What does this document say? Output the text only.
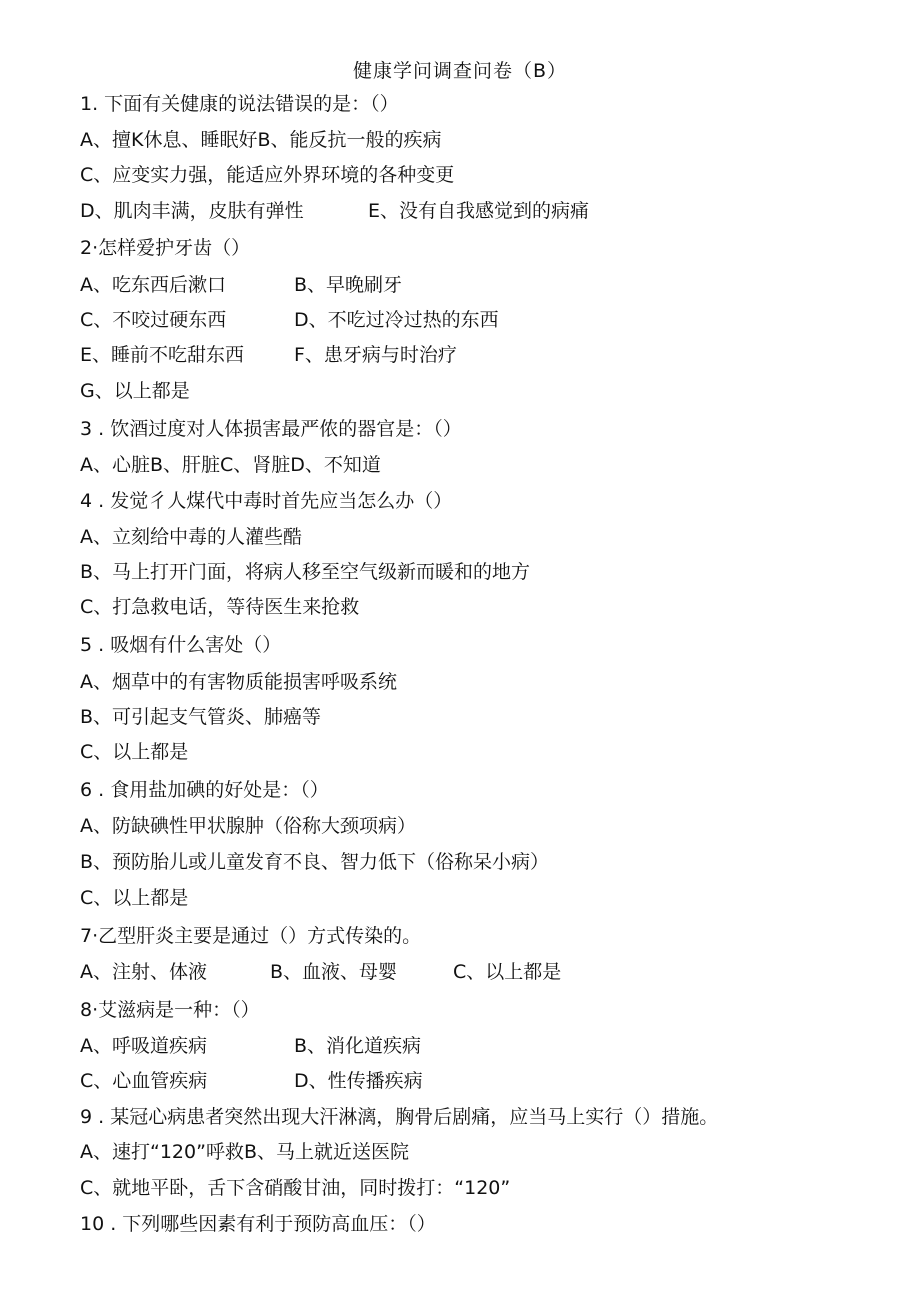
健康学问调查问卷（B）
1. 下面有关健康的说法错误的是：（）
A、擅K休息、睡眠好B、能反抗一般的疾病
C、应变实力强，能适应外界环境的各种变更
D、肌肉丰满，皮肤有弹性	E、没有自我感觉到的病痛
2·怎样爱护牙齿（）
A、吃东西后漱口	B、早晚刷牙
C、不咬过硬东西	D、不吃过冷过热的东西
E、睡前不吃甜东西	F、患牙病与时治疗
G、以上都是
3 . 饮酒过度对人体损害最严侬的器官是：（）
A、心脏B、肝脏C、肾脏D、不知道
4 . 发觉彳人煤代中毒时首先应当怎么办（）
A、立刻给中毒的人灌些酷
B、马上打开门面，将病人移至空气级新而暖和的地方
C、打急救电话，等待医生来抢救
5 . 吸烟有什么害处（）
A、烟草中的有害物质能损害呼吸系统
B、可引起支气管炎、肺癌等
C、以上都是
6 . 食用盐加碘的好处是：（）
A、防缺碘性甲状腺肿（俗称大颈项病）
B、预防胎儿或儿童发育不良、智力低下（俗称呆小病）
C、以上都是
7·乙型肝炎主要是通过（）方式传染的。
A、注射、体液	B、血液、母婴	C、以上都是
8·艾滋病是一种：（）
A、呼吸道疾病	B、消化道疾病
C、心血管疾病	D、性传播疾病
9 . 某冠心病患者突然出现大汗淋漓，胸骨后剧痛，应当马上实行（）措施。
A、速打“120”呼救B、马上就近送医院
C、就地平卧，舌下含硝酸甘油，同时拨打：“120”
10 . 下列哪些因素有利于预防高血压：（）
